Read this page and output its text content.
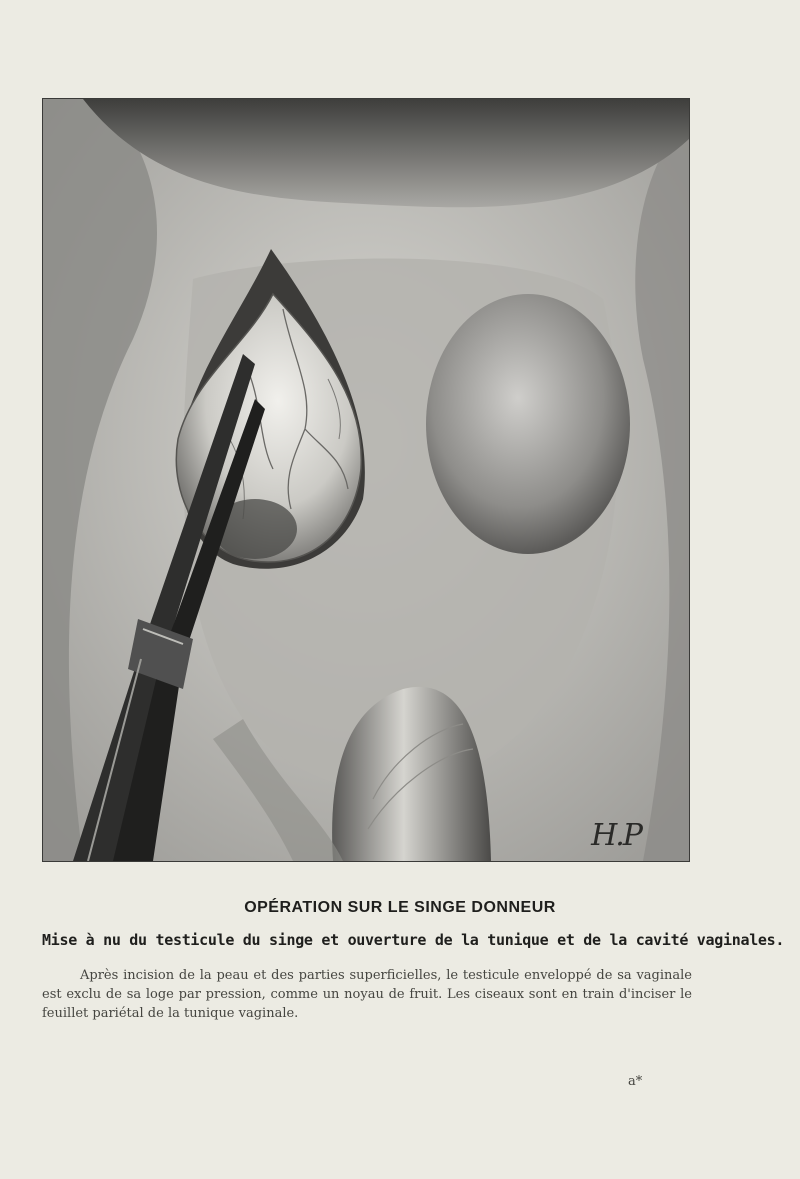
H.P
OPÉRATION SUR LE SINGE DONNEUR
Mise à nu du testicule du singe et ouverture de la tunique et de la cavité vaginales.
Après incision de la peau et des parties superficielles, le testicule enveloppé de sa vaginale est exclu de sa loge par pression, comme un noyau de fruit. Les ciseaux sont en train d'inciser le feuillet pariétal de la tunique vaginale.
a*
